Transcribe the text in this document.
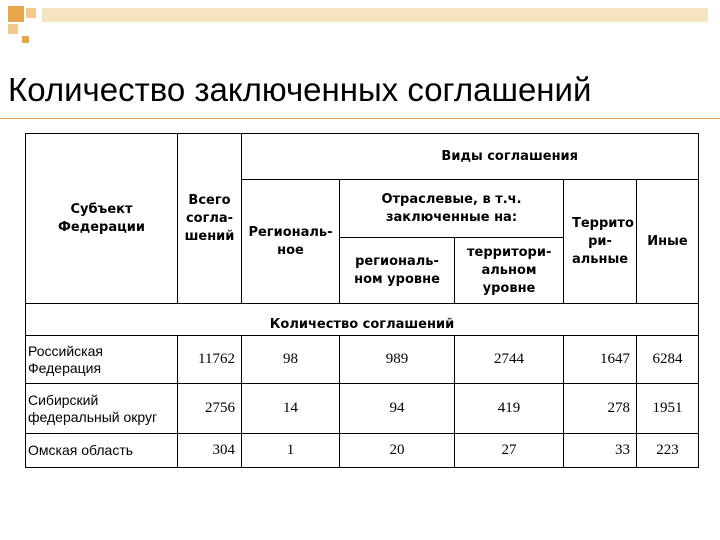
Количество заключенных соглашений
Субъект Федерации	Всего согла-шений	Виды соглашения				
		Региональ-ное	Отраслевые, в т.ч. заключенные на:		Террито ри-альные	Иные
			региональ-ном уровне	территори-альном уровне		
Количество соглашений						
Российская Федерация	11762	98	989	2744	1647	6284
Сибирский федеральный округ	2756	14	94	419	278	1951
Омская область	304	1	20	27	33	223
